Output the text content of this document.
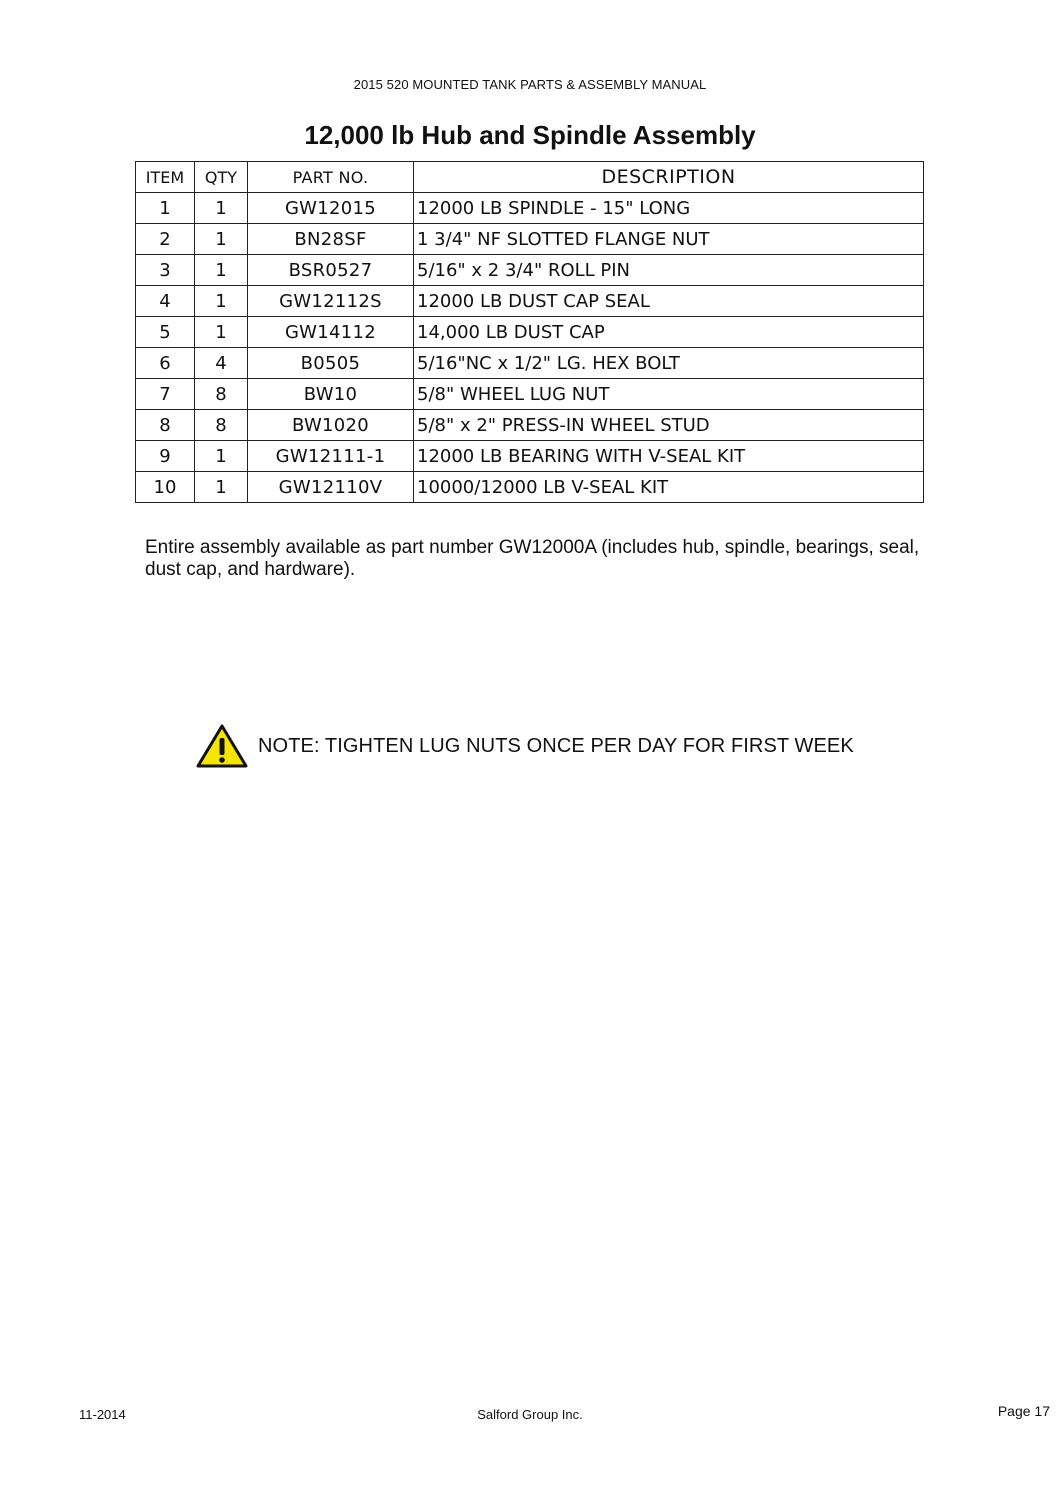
2015 520 MOUNTED TANK PARTS & ASSEMBLY MANUAL
12,000 lb Hub and Spindle Assembly
ITEM	QTY	PART NO.	DESCRIPTION
1	1	GW12015	12000 LB SPINDLE - 15" LONG
2	1	BN28SF	1 3/4" NF SLOTTED FLANGE NUT
3	1	BSR0527	5/16" x 2 3/4" ROLL PIN
4	1	GW12112S	12000 LB DUST CAP SEAL
5	1	GW14112	14,000 LB DUST CAP
6	4	B0505	5/16"NC x 1/2" LG. HEX BOLT
7	8	BW10	5/8" WHEEL LUG NUT
8	8	BW1020	5/8" x 2" PRESS-IN WHEEL STUD
9	1	GW12111-1	12000 LB BEARING WITH V-SEAL KIT
10	1	GW12110V	10000/12000 LB V-SEAL KIT
Entire assembly available as part number GW12000A (includes hub, spindle, bearings, seal, dust cap, and hardware).
NOTE: TIGHTEN LUG NUTS ONCE PER DAY FOR FIRST WEEK
11-2014	Salford Group Inc.	Page 17
